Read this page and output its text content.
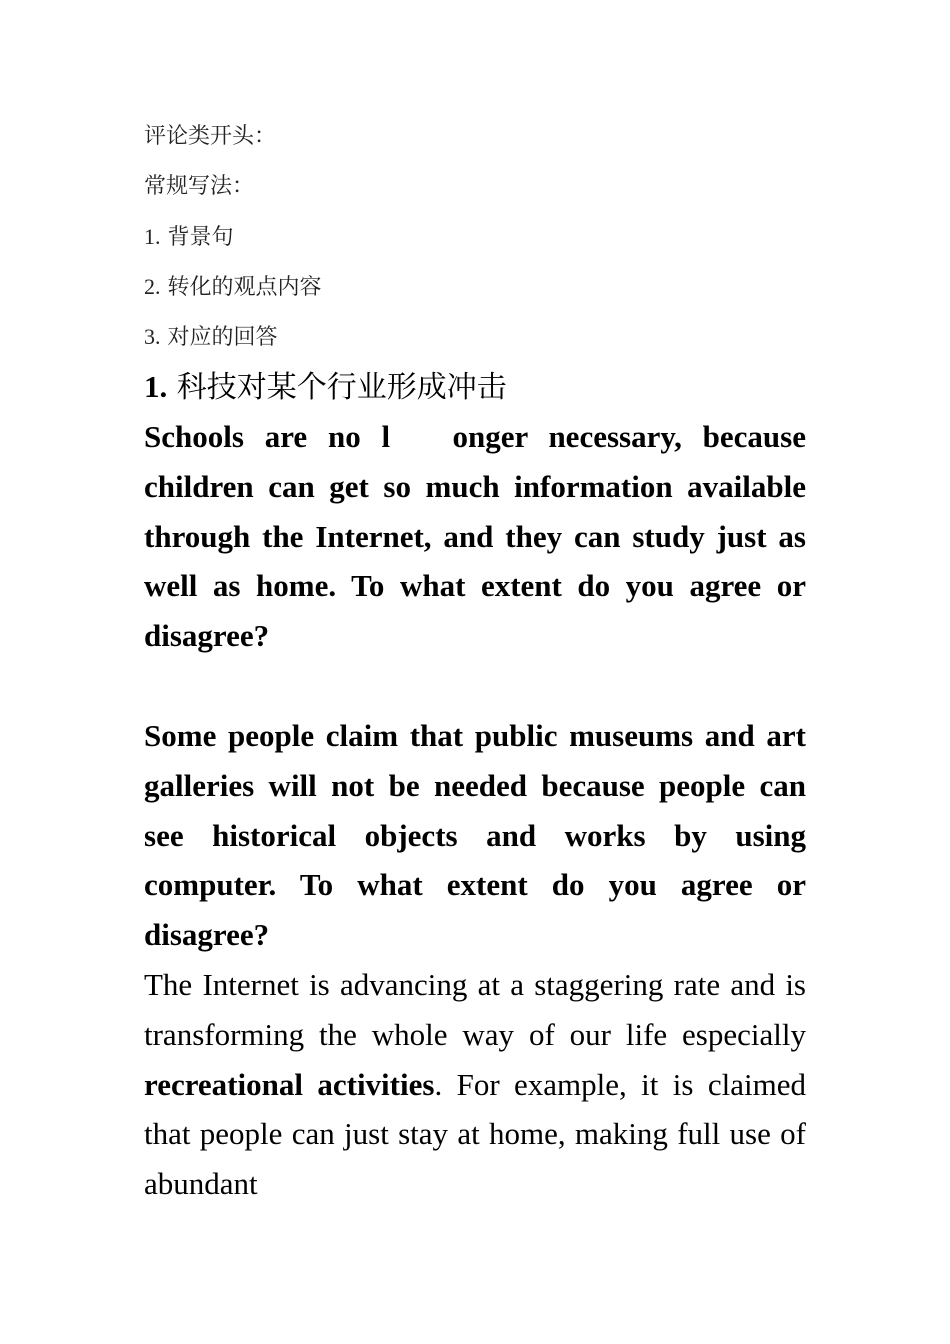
评论类开头：

常规写法：

1. 背景句

2. 转化的观点内容

3. 对应的回答

1. 科技对某个行业形成冲击

Schools are no l   onger necessary, because children can get so much information available through the Internet, and they can study just as well as home. To what extent do you agree or disagree?

Some people claim that public museums and art galleries will not be needed because people can see historical objects and works by using computer. To what extent do you agree or disagree?

The Internet is advancing at a staggering rate and is transforming the whole way of our life especially recreational activities. For example, it is claimed that people can just stay at home, making full use of abundant
